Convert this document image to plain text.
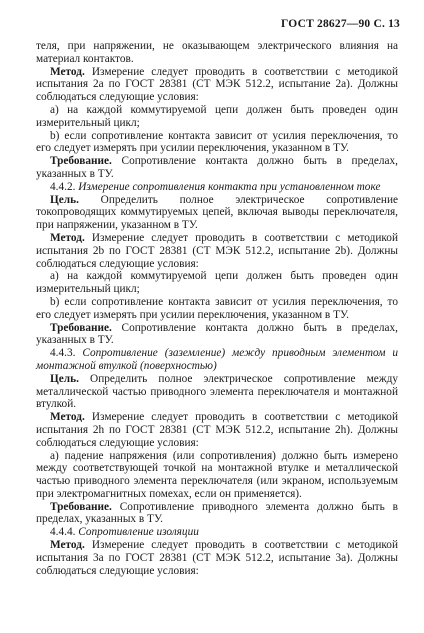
ГОСТ 28627—90 С. 13

теля, при напряжении, не оказывающем электрического влияния на материал контактов.

Метод. Измерение следует проводить в соответствии с методикой испытания 2а по ГОСТ 28381 (СТ МЭК 512.2, испытание 2а). Должны соблюдаться следующие условия:

а) на каждой коммутируемой цепи должен быть проведен один измерительный цикл;

b) если сопротивление контакта зависит от усилия переключения, то его следует измерять при усилии переключения, указанном в ТУ.

Требование. Сопротивление контакта должно быть в пределах, указанных в ТУ.

4.4.2. Измерение сопротивления контакта при установленном токе

Цель. Определить полное электрическое сопротивление токопроводящих коммутируемых цепей, включая выводы переключателя, при напряжении, указанном в ТУ.

Метод. Измерение следует проводить в соответствии с методикой испытания 2b по ГОСТ 28381 (СТ МЭК 512.2, испытание 2b). Должны соблюдаться следующие условия:

а) на каждой коммутируемой цепи должен быть проведен один измерительный цикл;

b) если сопротивление контакта зависит от усилия переключения, то его следует измерять при усилии переключения, указанном в ТУ.

Требование. Сопротивление контакта должно быть в пределах, указанных в ТУ.

4.4.3. Сопротивление (заземление) между приводным элементом и монтажной втулкой (поверхностью)

Цель. Определить полное электрическое сопротивление между металлической частью приводного элемента переключателя и монтажной втулкой.

Метод. Измерение следует проводить в соответствии с методикой испытания 2h по ГОСТ 28381 (СТ МЭК 512.2, испытание 2h). Должны соблюдаться следующие условия:

а) падение напряжения (или сопротивления) должно быть измерено между соответствующей точкой на монтажной втулке и металлической частью приводного элемента переключателя (или экраном, используемым при электромагнитных помехах, если он применяется).

Требование. Сопротивление приводного элемента должно быть в пределах, указанных в ТУ.

4.4.4. Сопротивление изоляции

Метод. Измерение следует проводить в соответствии с методикой испытания 3а по ГОСТ 28381 (СТ МЭК 512.2, испытание 3а). Должны соблюдаться следующие условия:
